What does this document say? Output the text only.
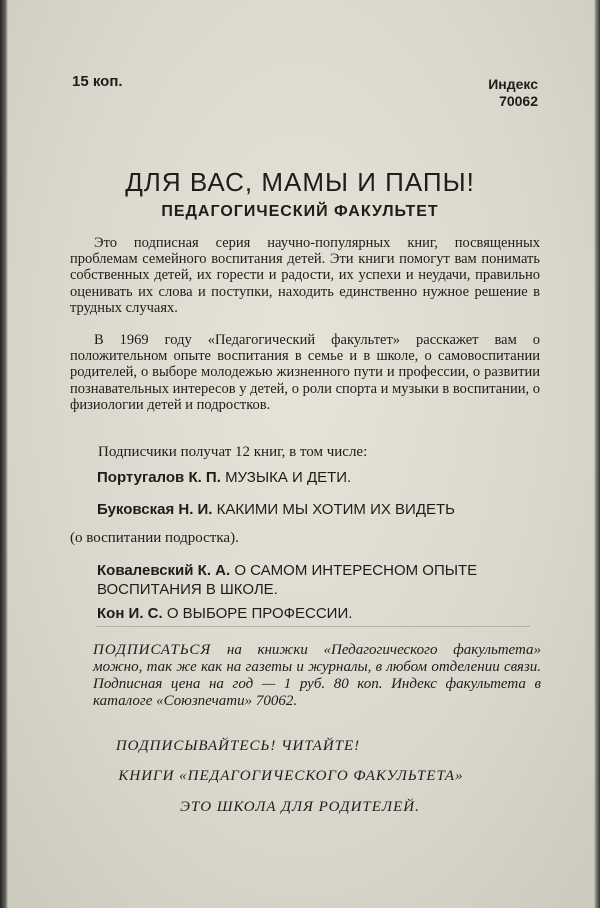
15 коп.	Индекс
70062
ДЛЯ ВАС, МАМЫ И ПАПЫ!
ПЕДАГОГИЧЕСКИЙ ФАКУЛЬТЕТ
Это подписная серия научно-популярных книг, посвященных проблемам семейного воспитания детей. Эти книги помогут вам понимать собственных детей, их горести и радости, их успехи и неудачи, правильно оценивать их слова и поступки, находить единственно нужное решение в трудных случаях.
В 1969 году «Педагогический факультет» расскажет вам о положительном опыте воспитания в семье и в школе, о самовоспитании родителей, о выборе молодежью жизненного пути и профессии, о развитии познавательных интересов у детей, о роли спорта и музыки в воспитании, о физиологии детей и подростков.
Подписчики получат 12 книг, в том числе:
Португалов К. П. МУЗЫКА И ДЕТИ.
Буковская Н. И. КАКИМИ МЫ ХОТИМ ИХ ВИДЕТЬ
(о воспитании подростка).
Ковалевский К. А. О САМОМ ИНТЕРЕСНОМ ОПЫТЕ ВОСПИТАНИЯ В ШКОЛЕ.
Кон И. С. О ВЫБОРЕ ПРОФЕССИИ.
ПОДПИСАТЬСЯ на книжки «Педагогического факультета» можно, так же как на газеты и журналы, в любом отделении связи. Подписная цена на год — 1 руб. 80 коп. Индекс факультета в каталоге «Союзпечати» 70062.
ПОДПИСЫВАЙТЕСЬ! ЧИТАЙТЕ!
КНИГИ «ПЕДАГОГИЧЕСКОГО ФАКУЛЬТЕТА»
ЭТО ШКОЛА ДЛЯ РОДИТЕЛЕЙ.
